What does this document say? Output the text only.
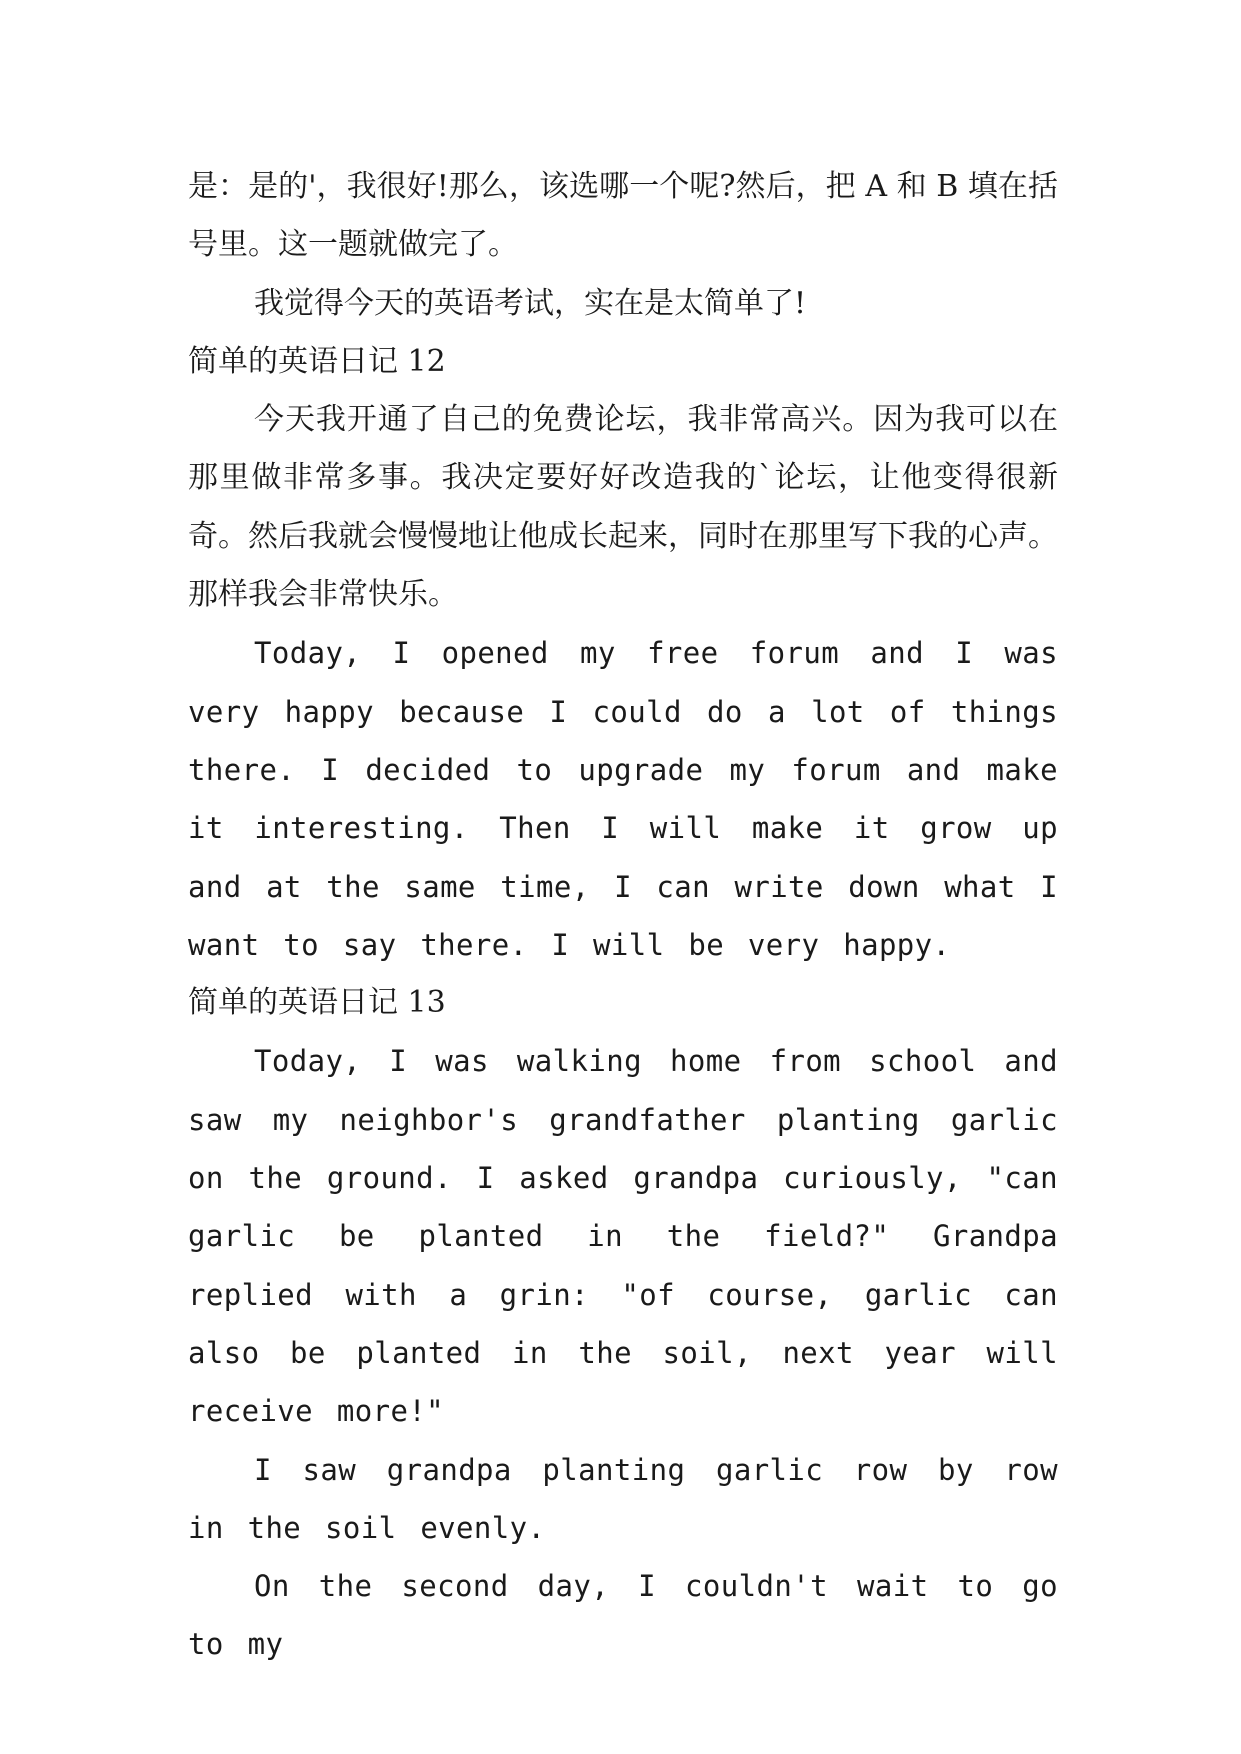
是：是的'，我很好!那么，该选哪一个呢?然后，把 A 和 B 填在括号里。这一题就做完了。

我觉得今天的英语考试，实在是太简单了!

简单的英语日记 12

今天我开通了自己的免费论坛，我非常高兴。因为我可以在那里做非常多事。我决定要好好改造我的`论坛，让他变得很新奇。然后我就会慢慢地让他成长起来，同时在那里写下我的心声。那样我会非常快乐。

Today, I opened my free forum and I was very happy because I could do a lot of things there. I decided to upgrade my forum and make it interesting. Then I will make it grow up and at the same time, I can write down what I want to say there. I will be very happy.

简单的英语日记 13

Today, I was walking home from school and saw my neighbor's grandfather planting garlic on the ground. I asked grandpa curiously, "can garlic be planted in the field?" Grandpa replied with a grin: "of course, garlic can also be planted in the soil, next year will receive more!"

I saw grandpa planting garlic row by row in the soil evenly.

On the second day, I couldn't wait to go to my
